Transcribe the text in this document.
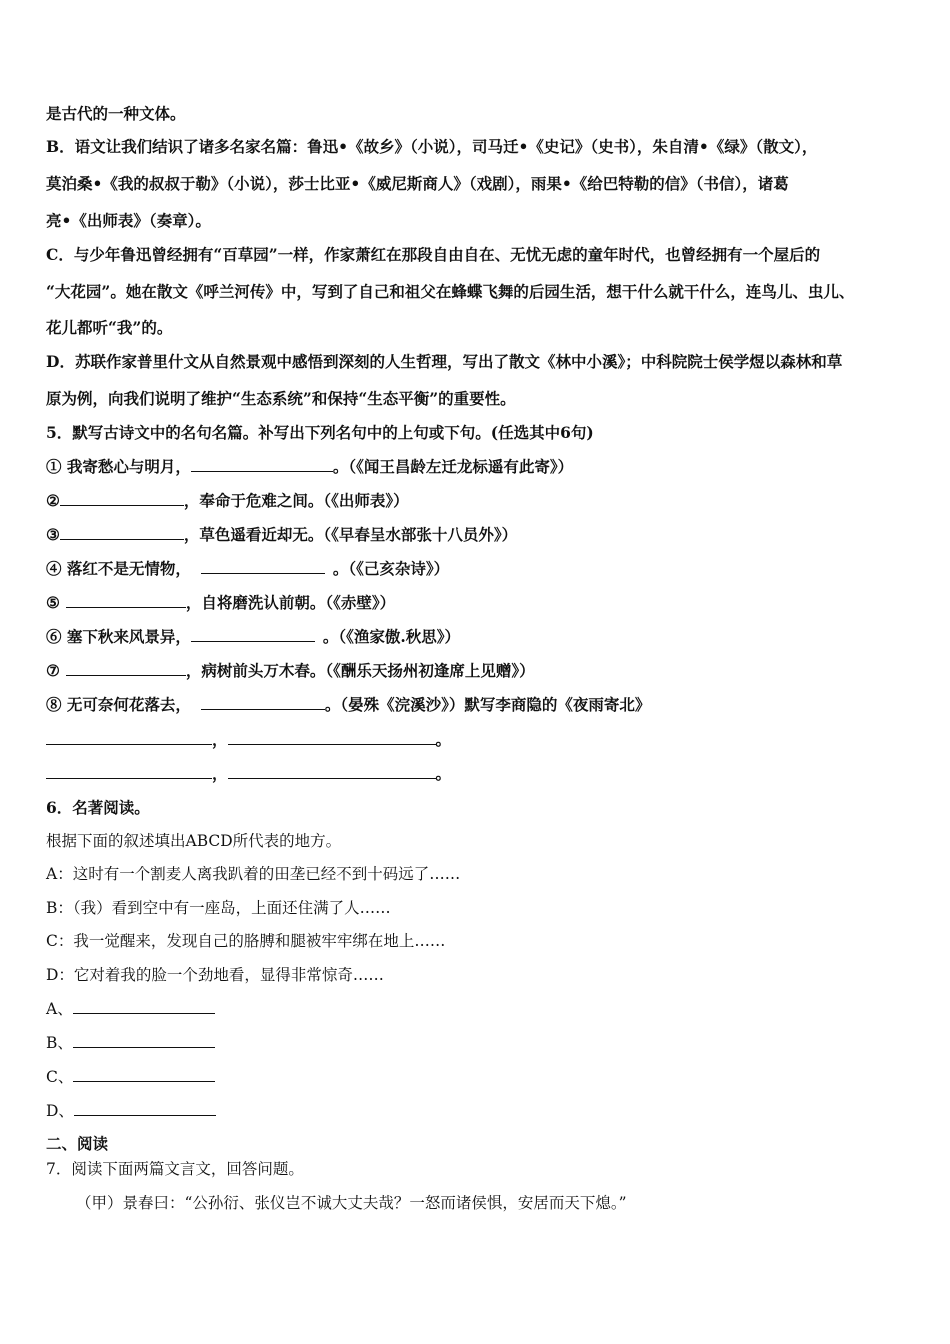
是古代的一种文体。
B．语文让我们结识了诸多名家名篇：鲁迅•《故乡》（小说），司马迁•《史记》（史书），朱自清•《绿》（散文），
莫泊桑•《我的叔叔于勒》（小说），莎士比亚•《威尼斯商人》（戏剧），雨果•《给巴特勒的信》（书信），诸葛
亮•《出师表》（奏章）。
C．与少年鲁迅曾经拥有“百草园”一样，作家萧红在那段自由自在、无忧无虑的童年时代，也曾经拥有一个屋后的
“大花园”。她在散文《呼兰河传》中，写到了自己和祖父在蜂蝶飞舞的后园生活，想干什么就干什么，连鸟儿、虫儿、
花儿都听“我”的。
D．苏联作家普里什文从自然景观中感悟到深刻的人生哲理，写出了散文《林中小溪》；中科院院士侯学煜以森林和草
原为例，向我们说明了维护“生态系统”和保持“生态平衡”的重要性。
5．默写古诗文中的名句名篇。补写出下列名句中的上句或下句。(任选其中6句)
① 我寄愁心与明月，	。（《闻王昌龄左迁龙标遥有此寄》）
②	，奉命于危难之间。（《出师表》）
③	，草色遥看近却无。（《早春呈水部张十八员外》）
④ 落红不是无情物，	。（《己亥杂诗》）
⑤	，自将磨洗认前朝。（《赤壁》）
⑥ 塞下秋来风景异，	。（《渔家傲.秋思》）
⑦	，病树前头万木春。（《酬乐天扬州初逢席上见赠》）
⑧ 无可奈何花落去，	。（晏殊《浣溪沙》）默写李商隐的《夜雨寄北》
，	。
，	。
6．名著阅读。
根据下面的叙述填出ABCD所代表的地方。
A：这时有一个割麦人离我趴着的田垄已经不到十码远了……
B：（我）看到空中有一座岛，上面还住满了人……
C：我一觉醒来，发现自己的胳膊和腿被牢牢绑在地上……
D：它对着我的脸一个劲地看，显得非常惊奇……
A、
B、
C、
D、
二、阅读
7．阅读下面两篇文言文，回答问题。
（甲）景春曰：“公孙衍、张仪岂不诚大丈夫哉？一怒而诸侯惧，安居而天下熄。”
